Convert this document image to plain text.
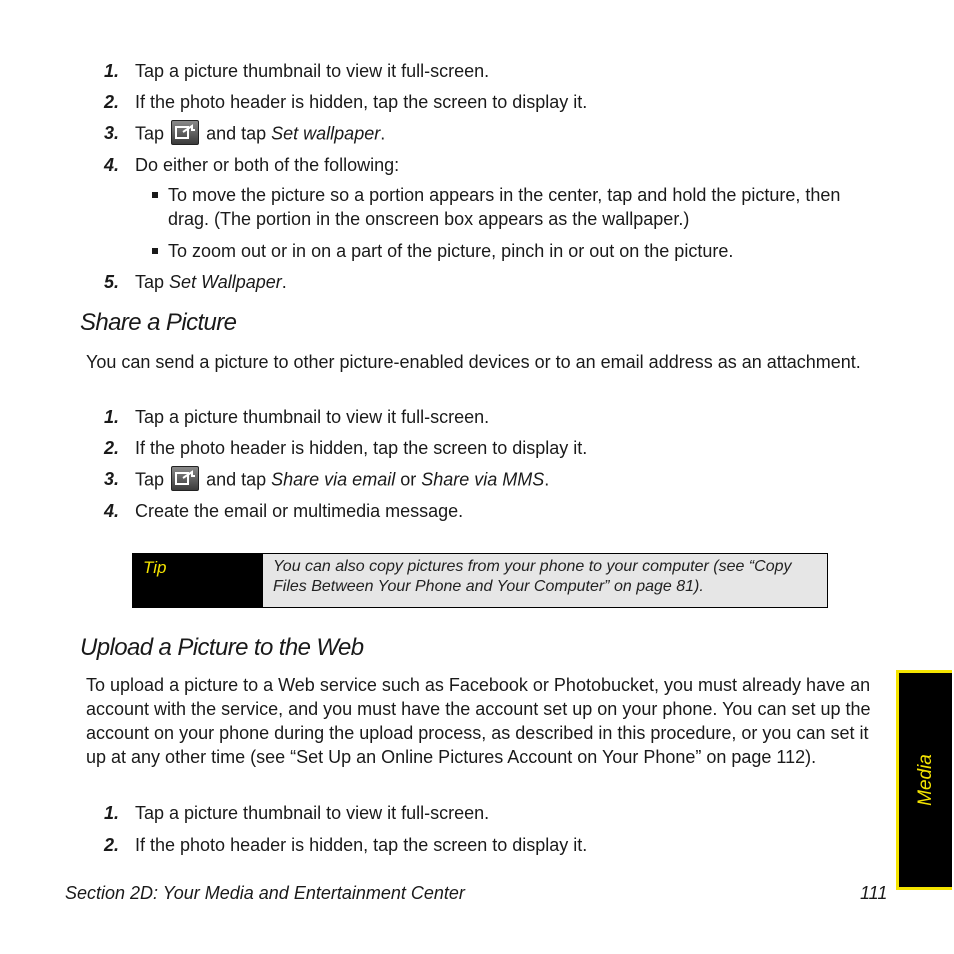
1. Tap a picture thumbnail to view it full-screen.
2. If the photo header is hidden, tap the screen to display it.
3. Tap and tap Set wallpaper.
4. Do either or both of the following:
To move the picture so a portion appears in the center, tap and hold the picture, then drag. (The portion in the onscreen box appears as the wallpaper.)
To zoom out or in on a part of the picture, pinch in or out on the picture.
5. Tap Set Wallpaper.
Share a Picture
You can send a picture to other picture-enabled devices or to an email address as an attachment.
1. Tap a picture thumbnail to view it full-screen.
2. If the photo header is hidden, tap the screen to display it.
3. Tap and tap Share via email or Share via MMS.
4. Create the email or multimedia message.
Tip	You can also copy pictures from your phone to your computer (see “Copy Files Between Your Phone and Your Computer” on page 81).
Upload a Picture to the Web
To upload a picture to a Web service such as Facebook or Photobucket, you must already have an account with the service, and you must have the account set up on your phone. You can set up the account on your phone during the upload process, as described in this procedure, or you can set it up at any other time (see “Set Up an Online Pictures Account on Your Phone” on page 112).
1. Tap a picture thumbnail to view it full-screen.
2. If the photo header is hidden, tap the screen to display it.
Media
Section 2D: Your Media and Entertainment Center	111
